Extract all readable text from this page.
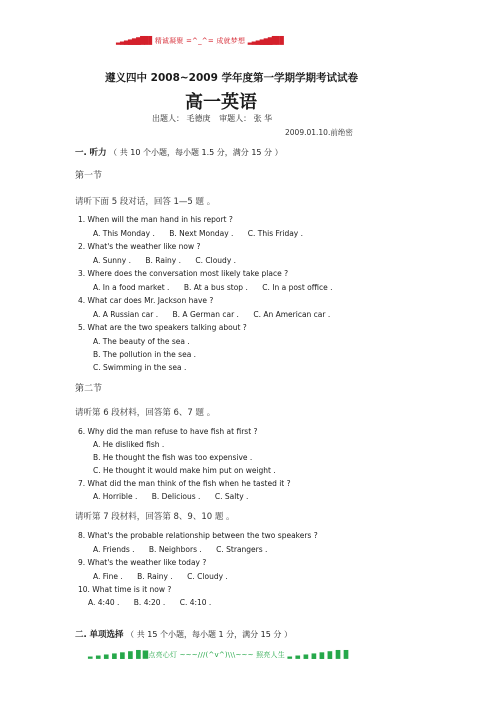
▂▃▄▅▆▇█▉▉ 精诚凝聚 =^_^= 成就梦想 ▂▃▄▅▆▇█▉▉
遵义四中 2008~2009 学年度第一学期学期考试试卷
高一英语
出题人： 毛德庚 审题人： 张 华
2009.01.10.前绝密
一. 听力 （ 共 10 个小题，每小题 1.5 分，满分 15 分 ）
第一节
请听下面 5 段对话，回答 1—5 题 。
1. When will the man hand in his report ?
A. This Monday . B. Next Monday . C. This Friday .
2. What's the weather like now ?
A. Sunny . B. Rainy . C. Cloudy .
3. Where does the conversation most likely take place ?
A. In a food market . B. At a bus stop . C. In a post office .
4. What car does Mr. Jackson have ?
A. A Russian car . B. A German car . C. An American car .
5. What are the two speakers talking about ?
A. The beauty of the sea .
B. The pollution in the sea .
C. Swimming in the sea .
第二节
请听第 6 段材料，回答第 6、7 题 。
6. Why did the man refuse to have fish at first ?
A. He disliked fish .
B. He thought the fish was too expensive .
C. He thought it would make him put on weight .
7. What did the man think of the fish when he tasted it ?
A. Horrible . B. Delicious . C. Salty .
请听第 7 段材料，回答第 8、9、10 题 。
8. What's the probable relationship between the two speakers ?
A. Friends . B. Neighbors . C. Strangers .
9. What's the weather like today ?
A. Fine . B. Rainy . C. Cloudy .
10. What time is it now ?
A. 4:40 . B. 4:20 . C. 4:10 .
二. 单项选择 （ 共 15 个小题，每小题 1 分，满分 15 分 ）
▂ ▃ ▄ ▅ ▆ ▇ █ █点亮心灯 ~~~///(^v^)\\\~~~ 照亮人生 ▂ ▃ ▄ ▅ ▆ ▇ █ █
